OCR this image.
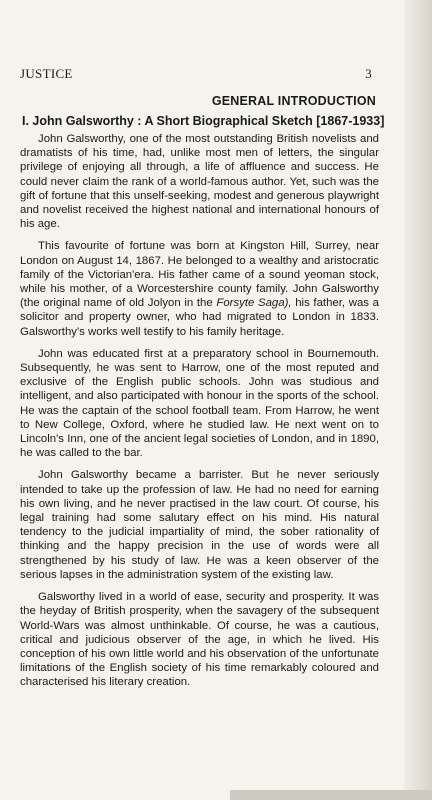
JUSTICE	3
GENERAL INTRODUCTION
I. John Galsworthy : A Short Biographical Sketch [1867-1933]

John Galsworthy, one of the most outstanding British novelists and dramatists of his time, had, unlike most men of letters, the singular privilege of enjoying all through, a life of affluence and success. He could never claim the rank of a world-famous author. Yet, such was the gift of fortune that this unself-seeking, modest and generous playwright and novelist received the highest national and international honours of his age.

This favourite of fortune was born at Kingston Hill, Surrey, near London on August 14, 1867. He belonged to a wealthy and aristocratic family of the Victorian'era. His father came of a sound yeoman stock, while his mother, of a Worcestershire county family. John Galsworthy (the original name of old Jolyon in the Forsyte Saga), his father, was a solicitor and property owner, who had migrated to London in 1833. Galsworthy's works well testify to his family heritage.

John was educated first at a preparatory school in Bournemouth. Subsequently, he was sent to Harrow, one of the most reputed and exclusive of the English public schools. John was studious and intelligent, and also participated with honour in the sports of the school. He was the captain of the school football team. From Harrow, he went to New College, Oxford, where he studied law. He next went on to Lincoln's Inn, one of the ancient legal societies of London, and in 1890, he was called to the bar.

John Galsworthy became a barrister. But he never seriously intended to take up the profession of law. He had no need for earning his own living, and he never practised in the law court. Of course, his legal training had some salutary effect on his mind. His natural tendency to the judicial impartiality of mind, the sober rationality of thinking and the happy precision in the use of words were all strengthened by his study of law. He was a keen observer of the serious lapses in the administration system of the existing law.

Galsworthy lived in a world of ease, security and prosperity. It was the heyday of British prosperity, when the savagery of the subsequent World-Wars was almost unthinkable. Of course, he was a cautious, critical and judicious observer of the age, in which he lived. His conception of his own little world and his observation of the unfortunate limitations of the English society of his time remarkably coloured and characterised his literary creation.
